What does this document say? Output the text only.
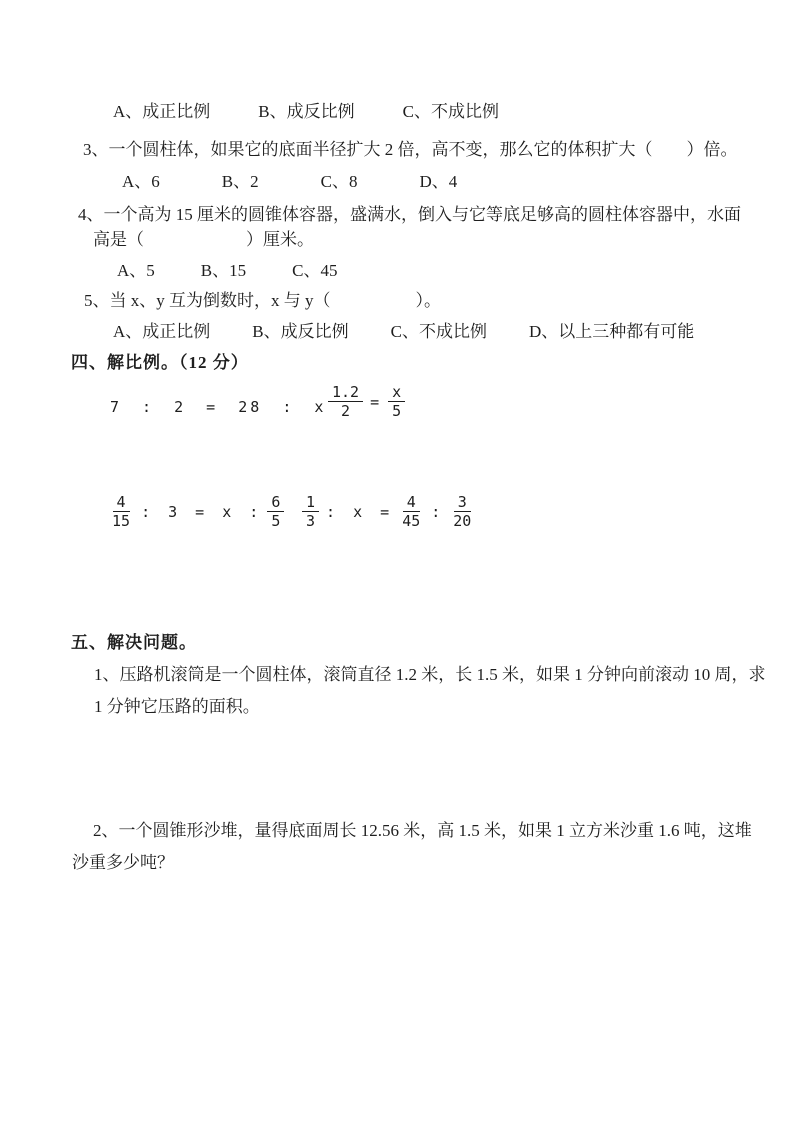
A、成正比例	B、成反比例	C、不成比例
3、一个圆柱体，如果它的底面半径扩大 2 倍，高不变，那么它的体积扩大（        ）倍。
A、6	B、2	C、8	D、4
4、一个高为 15 厘米的圆锥体容器，盛满水，倒入与它等底足够高的圆柱体容器中，水面
高是（                        ）厘米。
A、5	B、15	C、45
5、当 x、y 互为倒数时，x 与 y（                    ）。
A、成正比例 B、成反比例 C、不成比例 D、以上三种都有可能
四、解比例。（12 分）
7 : 2 = 28 : x $\frac{1.2}{2} = \frac{x}{5}$
$\frac{4}{15}$ : 3 = x : $\frac{6}{5} \frac{1}{3}$ : $x = \frac{4}{45}$ : $\frac{3}{20}$
五、解决问题。
1、压路机滚筒是一个圆柱体，滚筒直径 1.2 米，长 1.5 米，如果 1 分钟向前滚动 10 周，求
1 分钟它压路的面积。
2、一个圆锥形沙堆，量得底面周长 12.56 米，高 1.5 米，如果 1 立方米沙重 1.6 吨，这堆
沙重多少吨？
